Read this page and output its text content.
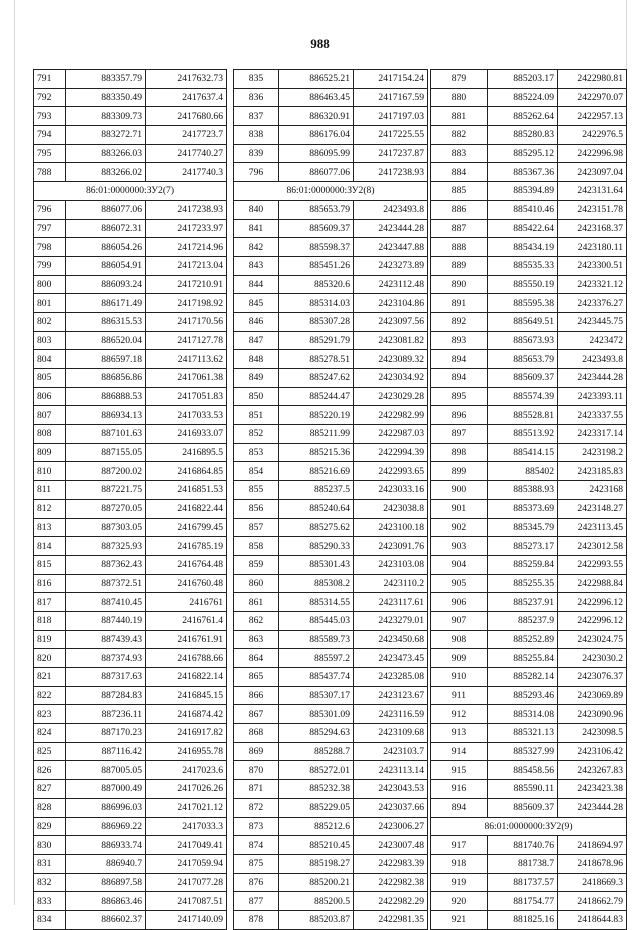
988
791	883357.79	2417632.73
792	883350.49	2417637.4
793	883309.73	2417680.66
794	883272.71	2417723.7
795	883266.03	2417740.27
788	883266.02	2417740.3
86:01:0000000:ЗУ2(7)		
796	886077.06	2417238.93
797	886072.31	2417233.97
798	886054.26	2417214.96
799	886054.91	2417213.04
800	886093.24	2417210.91
801	886171.49	2417198.92
802	886315.53	2417170.56
803	886520.04	2417127.78
804	886597.18	2417113.62
805	886856.86	2417061.38
806	886888.53	2417051.83
807	886934.13	2417033.53
808	887101.63	2416933.07
809	887155.05	2416895.5
810	887200.02	2416864.85
811	887221.75	2416851.53
812	887270.05	2416822.44
813	887303.05	2416799.45
814	887325.93	2416785.19
815	887362.43	2416764.48
816	887372.51	2416760.48
817	887410.45	2416761
818	887440.19	2416761.4
819	887439.43	2416761.91
820	887374.93	2416788.66
821	887317.63	2416822.14
822	887284.83	2416845.15
823	887236.11	2416874.42
824	887170.23	2416917.82
825	887116.42	2416955.78
826	887005.05	2417023.6
827	887000.49	2417026.26
828	886996.03	2417021.12
829	886969.22	2417033.3
830	886933.74	2417049.41
831	886940.7	2417059.94
832	886897.58	2417077.28
833	886863.46	2417087.51
834	886602.37	2417140.09
835	886525.21	2417154.24
836	886463.45	2417167.59
837	886320.91	2417197.03
838	886176.04	2417225.55
839	886095.99	2417237.87
796	886077.06	2417238.93
86:01:0000000:ЗУ2(8)		
840	885653.79	2423493.8
841	885609.37	2423444.28
842	885598.37	2423447.88
843	885451.26	2423273.89
844	885320.6	2423112.48
845	885314.03	2423104.86
846	885307.28	2423097.56
847	885291.79	2423081.82
848	885278.51	2423089.32
849	885247.62	2423034.92
850	885244.47	2423029.28
851	885220.19	2422982.99
852	885211.99	2422987.03
853	885215.36	2422994.39
854	885216.69	2422993.65
855	885237.5	2423033.16
856	885240.64	2423038.8
857	885275.62	2423100.18
858	885290.33	2423091.76
859	885301.43	2423103.08
860	885308.2	2423110.2
861	885314.55	2423117.61
862	885445.03	2423279.01
863	885589.73	2423450.68
864	885597.2	2423473.45
865	885437.74	2423285.08
866	885307.17	2423123.67
867	885301.09	2423116.59
868	885294.63	2423109.68
869	885288.7	2423103.7
870	885272.01	2423113.14
871	885232.38	2423043.53
872	885229.05	2423037.66
873	885212.6	2423006.27
874	885210.45	2423007.48
875	885198.27	2422983.39
876	885200.21	2422982.38
877	885200.5	2422982.29
878	885203.87	2422981.35
879	885203.17	2422980.81
880	885224.09	2422970.07
881	885262.64	2422957.13
882	885280.83	2422976.5
883	885295.12	2422996.98
884	885367.36	2423097.04
885	885394.89	2423131.64
886	885410.46	2423151.78
887	885422.64	2423168.37
888	885434.19	2423180.11
889	885535.33	2423300.51
890	885550.19	2423321.12
891	885595.38	2423376.27
892	885649.51	2423445.75
893	885673.93	2423472
894	885653.79	2423493.8
894	885609.37	2423444.28
895	885574.39	2423393.11
896	885528.81	2423337.55
897	885513.92	2423317.14
898	885414.15	2423198.2
899	885402	2423185.83
900	885388.93	2423168
901	885373.69	2423148.27
902	885345.79	2423113.45
903	885273.17	2423012.58
904	885259.84	2422993.55
905	885255.35	2422988.84
906	885237.91	2422996.12
907	885237.9	2422996.12
908	885252.89	2423024.75
909	885255.84	2423030.2
910	885282.14	2423076.37
911	885293.46	2423069.89
912	885314.08	2423090.96
913	885321.13	2423098.5
914	885327.99	2423106.42
915	885458.56	2423267.83
916	885590.11	2423423.38
894	885609.37	2423444.28
86:01:0000000:ЗУ2(9)		
917	881740.76	2418694.97
918	881738.7	2418678.96
919	881737.57	2418669.3
920	881754.77	2418662.79
921	881825.16	2418644.83
